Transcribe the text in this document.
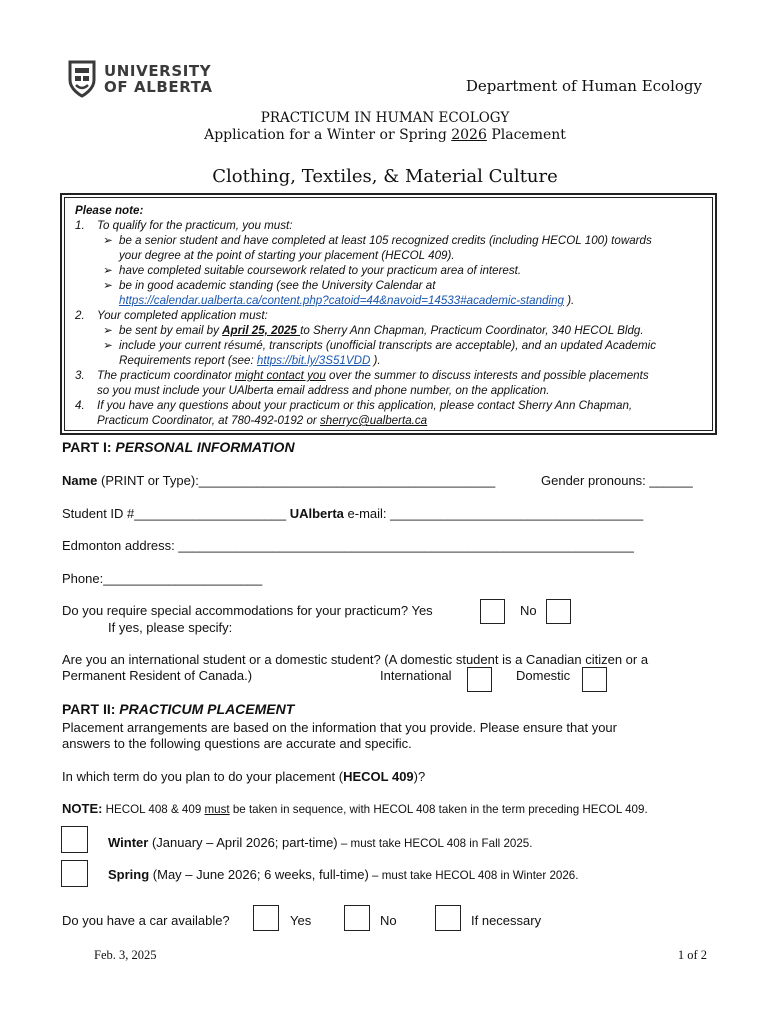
UNIVERSITY
OF ALBERTA	Department of Human Ecology
PRACTICUM IN HUMAN ECOLOGY
Application for a Winter or Spring 2026 Placement
Clothing, Textiles, & Material Culture
Please note:
1.	To qualify for the practicum, you must:
➢ be a senior student and have completed at least 105 recognized credits (including HECOL 100) towards
your degree at the point of starting your placement (HECOL 409).
➢ have completed suitable coursework related to your practicum area of interest.
➢ be in good academic standing (see the University Calendar at
https://calendar.ualberta.ca/content.php?catoid=44&navoid=14533#academic-standing ).
2.	Your completed application must:
➢ be sent by email by April 25, 2025 to Sherry Ann Chapman, Practicum Coordinator, 340 HECOL Bldg.
➢ include your current résumé, transcripts (unofficial transcripts are acceptable), and an updated Academic
Requirements report (see: https://bit.ly/3S51VDD ).
3.	The practicum coordinator might contact you over the summer to discuss interests and possible placements
so you must include your UAlberta email address and phone number, on the application.
4.	If you have any questions about your practicum or this application, please contact Sherry Ann Chapman,
Practicum Coordinator, at 780-492-0192 or sherryc@ualberta.ca
PART I: PERSONAL INFORMATION
Name (PRINT or Type):_________________________________________	Gender pronouns: ______
Student ID #_____________________ UAlberta e-mail: ___________________________________
Edmonton address: _______________________________________________________________
Phone:______________________
Do you require special accommodations for your practicum? Yes	No
If yes, please specify:
Are you an international student or a domestic student? (A domestic student is a Canadian citizen or a
Permanent Resident of Canada.)	International	Domestic
PART II: PRACTICUM PLACEMENT
Placement arrangements are based on the information that you provide. Please ensure that your
answers to the following questions are accurate and specific.
In which term do you plan to do your placement (HECOL 409)?
NOTE: HECOL 408 & 409 must be taken in sequence, with HECOL 408 taken in the term preceding HECOL 409.
Winter (January – April 2026; part-time) – must take HECOL 408 in Fall 2025.
Spring (May – June 2026; 6 weeks, full-time) – must take HECOL 408 in Winter 2026.
Do you have a car available?	Yes	No	If necessary
Feb. 3, 2025	1 of 2
